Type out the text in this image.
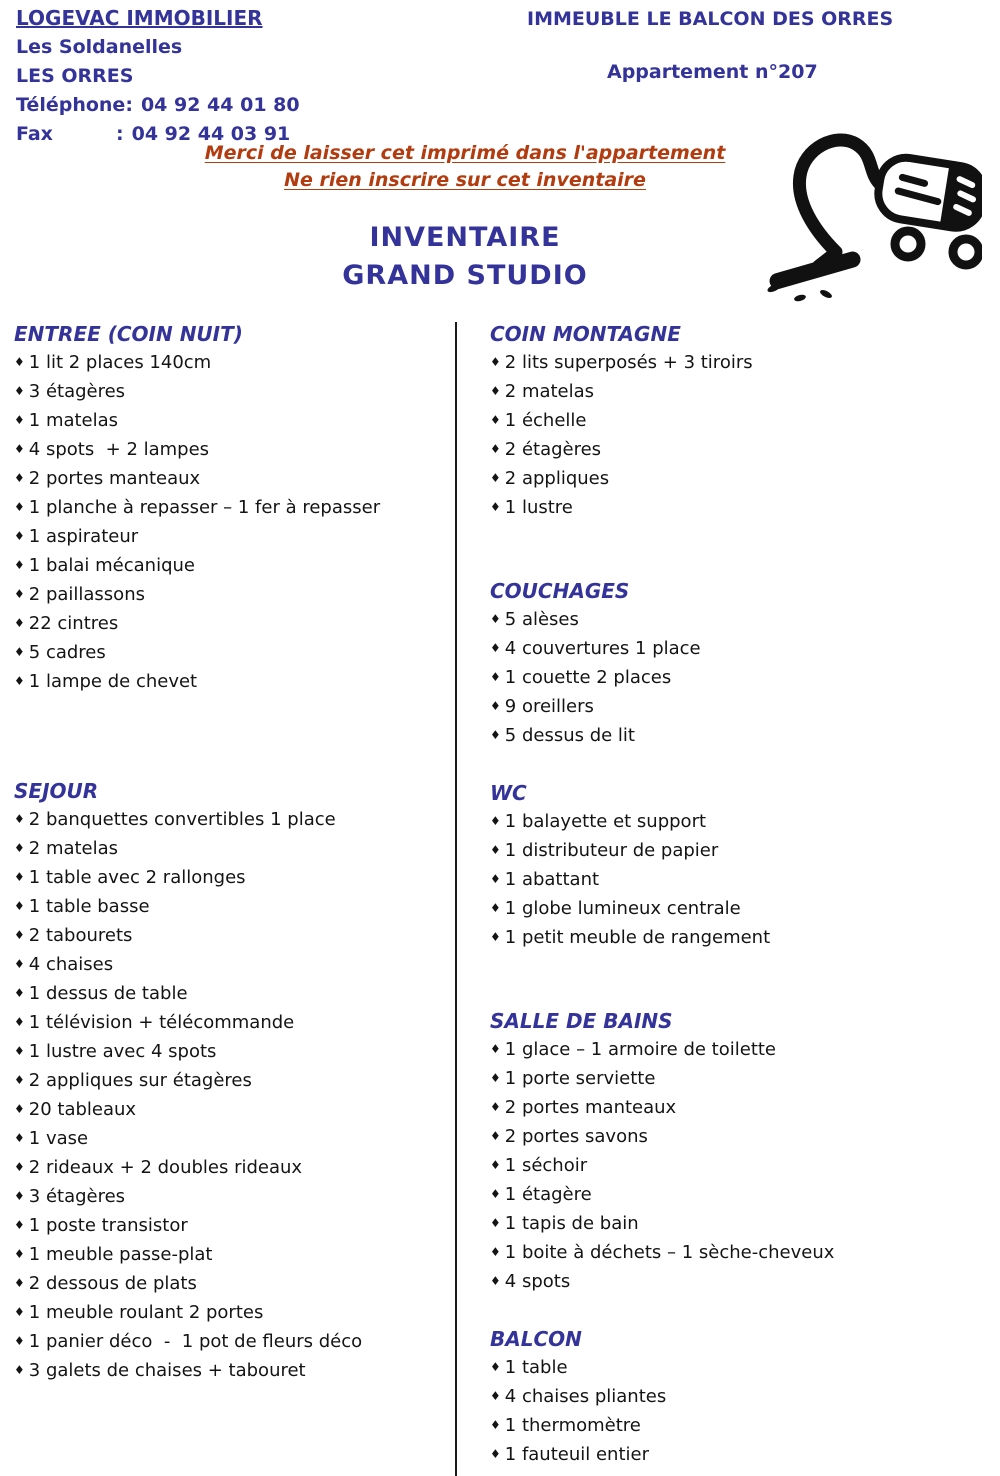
LOGEVAC IMMOBILIER
Les Soldanelles
LES ORRES
Téléphone: 04 92 44 01 80
Fax	: 04 92 44 03 91
IMMEUBLE LE BALCON DES ORRES
Appartement n°207
Merci de laisser cet imprimé dans l'appartement
Ne rien inscrire sur cet inventaire
INVENTAIRE
GRAND STUDIO
ENTREE (COIN NUIT)
♦ 1 lit 2 places 140cm
♦ 3 étagères
♦ 1 matelas
♦ 4 spots  + 2 lampes
♦ 2 portes manteaux
♦ 1 planche à repasser – 1 fer à repasser
♦ 1 aspirateur
♦ 1 balai mécanique
♦ 2 paillassons
♦ 22 cintres
♦ 5 cadres
♦ 1 lampe de chevet
SEJOUR
♦ 2 banquettes convertibles 1 place
♦ 2 matelas
♦ 1 table avec 2 rallonges
♦ 1 table basse
♦ 2 tabourets
♦ 4 chaises
♦ 1 dessus de table
♦ 1 télévision + télécommande
♦ 1 lustre avec 4 spots
♦ 2 appliques sur étagères
♦ 20 tableaux
♦ 1 vase
♦ 2 rideaux + 2 doubles rideaux
♦ 3 étagères
♦ 1 poste transistor
♦ 1 meuble passe-plat
♦ 2 dessous de plats
♦ 1 meuble roulant 2 portes
♦ 1 panier déco  -  1 pot de fleurs déco
♦ 3 galets de chaises + tabouret
COIN MONTAGNE
♦ 2 lits superposés + 3 tiroirs
♦ 2 matelas
♦ 1 échelle
♦ 2 étagères
♦ 2 appliques
♦ 1 lustre
COUCHAGES
♦ 5 alèses
♦ 4 couvertures 1 place
♦ 1 couette 2 places
♦ 9 oreillers
♦ 5 dessus de lit
WC
♦ 1 balayette et support
♦ 1 distributeur de papier
♦ 1 abattant
♦ 1 globe lumineux centrale
♦ 1 petit meuble de rangement
SALLE DE BAINS
♦ 1 glace – 1 armoire de toilette
♦ 1 porte serviette
♦ 2 portes manteaux
♦ 2 portes savons
♦ 1 séchoir
♦ 1 étagère
♦ 1 tapis de bain
♦ 1 boite à déchets – 1 sèche-cheveux
♦ 4 spots
BALCON
♦ 1 table
♦ 4 chaises pliantes
♦ 1 thermomètre
♦ 1 fauteuil entier
